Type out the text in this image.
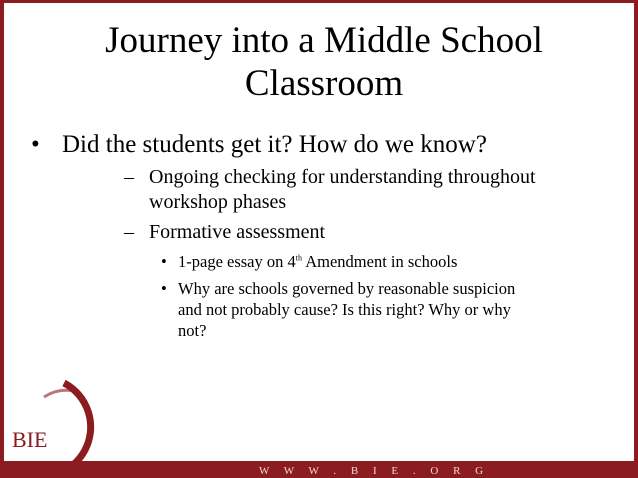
Journey into a Middle School
Classroom
• Did the students get it? How do we know?
– Ongoing checking for understanding throughout
workshop phases
– Formative assessment
• 1-page essay on 4th Amendment in schools
• Why are schools governed by reasonable suspicion
and not probably cause? Is this right? Why or why
not?
BIE
W W W . B I E . O R G
